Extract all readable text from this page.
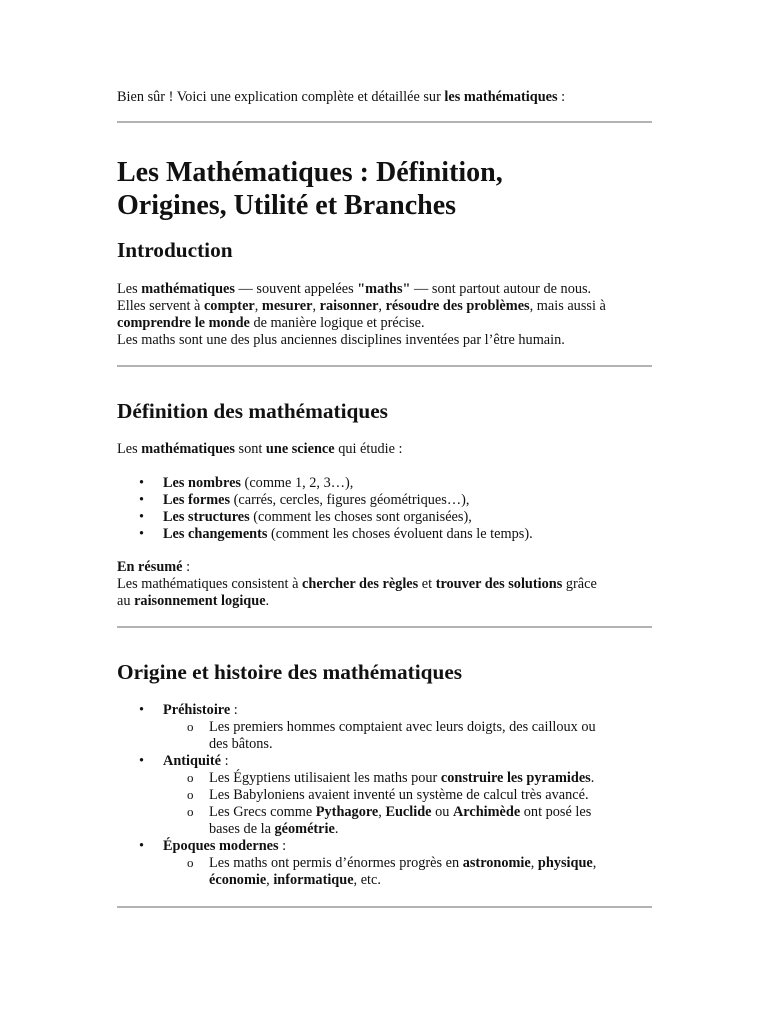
Bien sûr ! Voici une explication complète et détaillée sur les mathématiques :

Les Mathématiques : Définition,
Origines, Utilité et Branches
Introduction

Les mathématiques — souvent appelées "maths" — sont partout autour de nous.

Elles servent à compter, mesurer, raisonner, résoudre des problèmes, mais aussi à

comprendre le monde de manière logique et précise.

Les maths sont une des plus anciennes disciplines inventées par l’être humain.

Définition des mathématiques

Les mathématiques sont une science qui étudie :

• Les nombres (comme 1, 2, 3…),
• Les formes (carrés, cercles, figures géométriques…),
• Les structures (comment les choses sont organisées),
• Les changements (comment les choses évoluent dans le temps).

En résumé :

Les mathématiques consistent à chercher des règles et trouver des solutions grâce

au raisonnement logique.

Origine et histoire des mathématiques
• Préhistoire :
o Les premiers hommes comptaient avec leurs doigts, des cailloux ou
des bâtons.
• Antiquité :
o Les Égyptiens utilisaient les maths pour construire les pyramides.
o Les Babyloniens avaient inventé un système de calcul très avancé.
o Les Grecs comme Pythagore, Euclide ou Archimède ont posé les
bases de la géométrie.
• Époques modernes :
o Les maths ont permis d’énormes progrès en astronomie, physique,
économie, informatique, etc.
